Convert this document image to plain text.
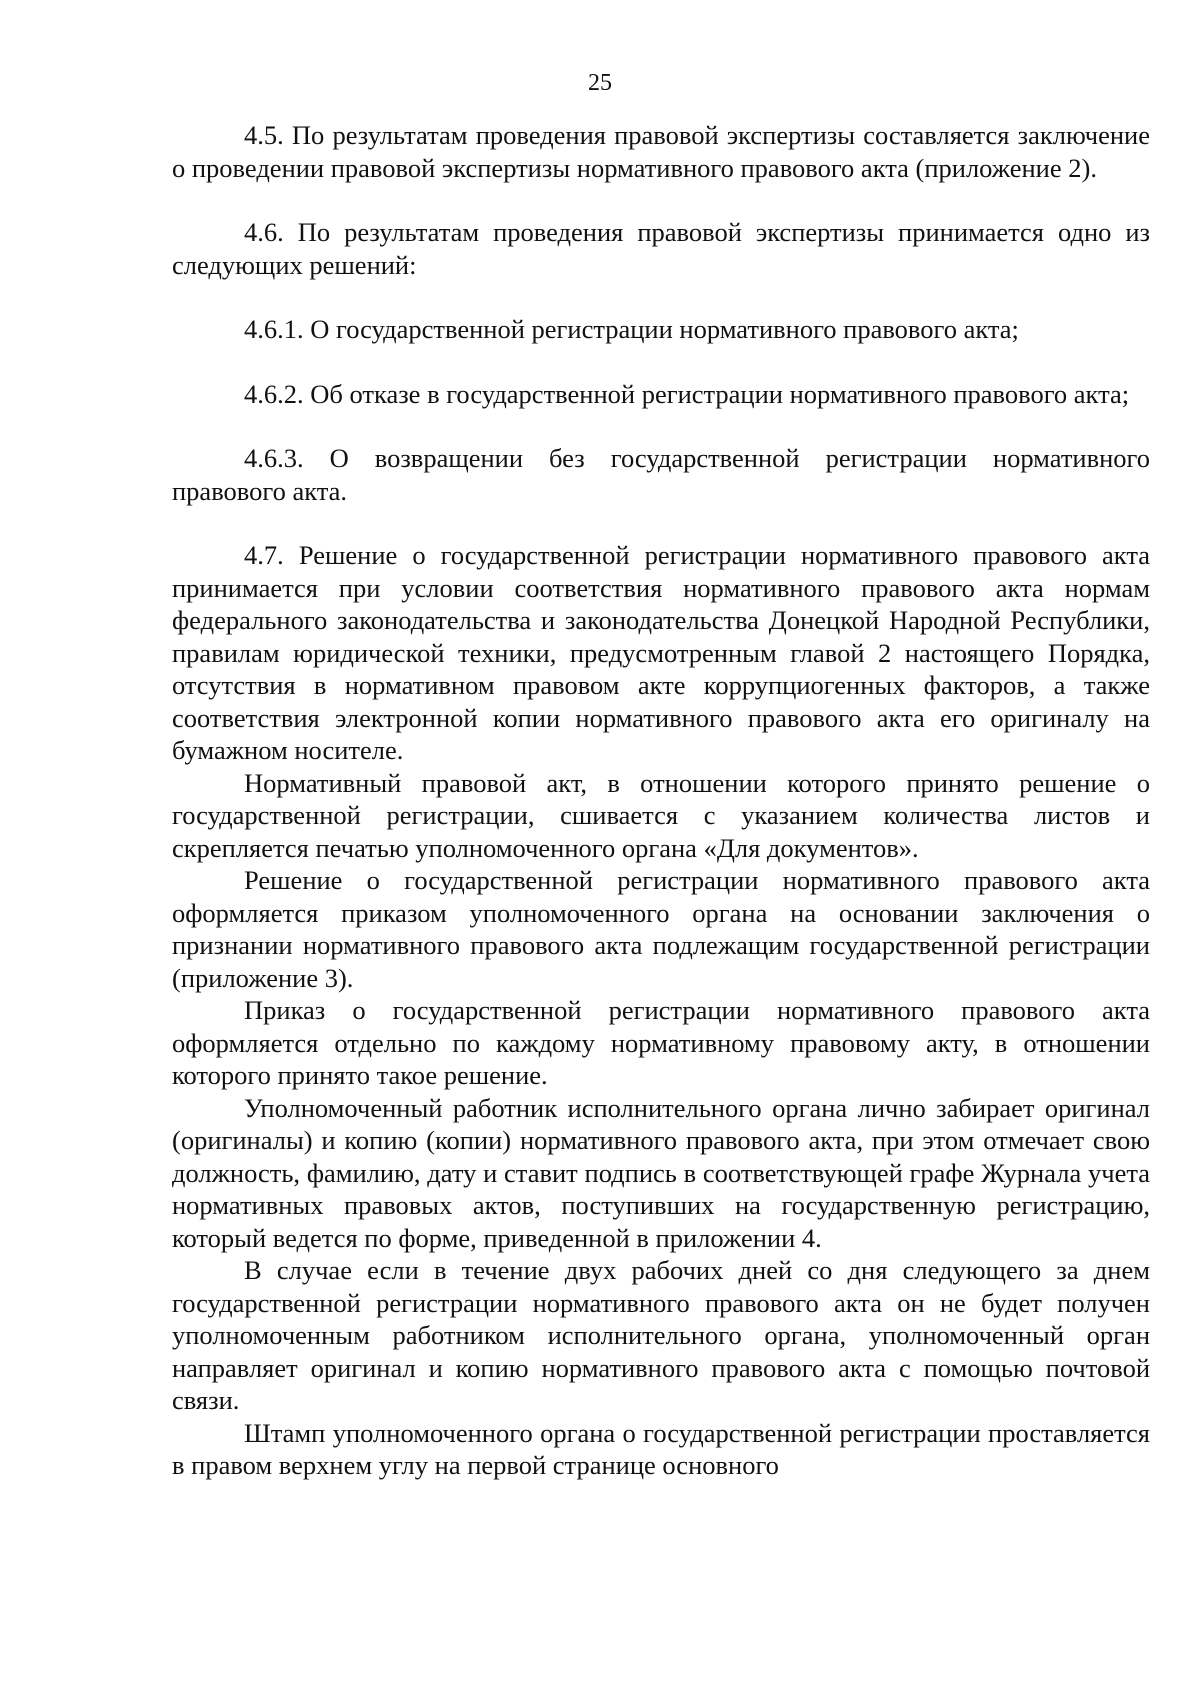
25

4.5. По результатам проведения правовой экспертизы составляется заключение о проведении правовой экспертизы нормативного правового акта (приложение 2).

4.6. По результатам проведения правовой экспертизы принимается одно из следующих решений:

4.6.1. О государственной регистрации нормативного правового акта;

4.6.2. Об отказе в государственной регистрации нормативного правового акта;

4.6.3. О возвращении без государственной регистрации нормативного правового акта.

4.7. Решение о государственной регистрации нормативного правового акта принимается при условии соответствия нормативного правового акта нормам федерального законодательства и законодательства Донецкой Народной Республики, правилам юридической техники, предусмотренным главой 2 настоящего Порядка, отсутствия в нормативном правовом акте коррупциогенных факторов, а также соответствия электронной копии нормативного правового акта его оригиналу на бумажном носителе.

Нормативный правовой акт, в отношении которого принято решение о государственной регистрации, сшивается с указанием количества листов и скрепляется печатью уполномоченного органа «Для документов».

Решение о государственной регистрации нормативного правового акта оформляется приказом уполномоченного органа на основании заключения о признании нормативного правового акта подлежащим государственной регистрации (приложение 3).

Приказ о государственной регистрации нормативного правового акта оформляется отдельно по каждому нормативному правовому акту, в отношении которого принято такое решение.

Уполномоченный работник исполнительного органа лично забирает оригинал (оригиналы) и копию (копии) нормативного правового акта, при этом отмечает свою должность, фамилию, дату и ставит подпись в соответствующей графе Журнала учета нормативных правовых актов, поступивших на государственную регистрацию, который ведется по форме, приведенной в приложении 4.

В случае если в течение двух рабочих дней со дня следующего за днем государственной регистрации нормативного правового акта он не будет получен уполномоченным работником исполнительного органа, уполномоченный орган направляет оригинал и копию нормативного правового акта с помощью почтовой связи.

Штамп уполномоченного органа о государственной регистрации проставляется в правом верхнем углу на первой странице основного
